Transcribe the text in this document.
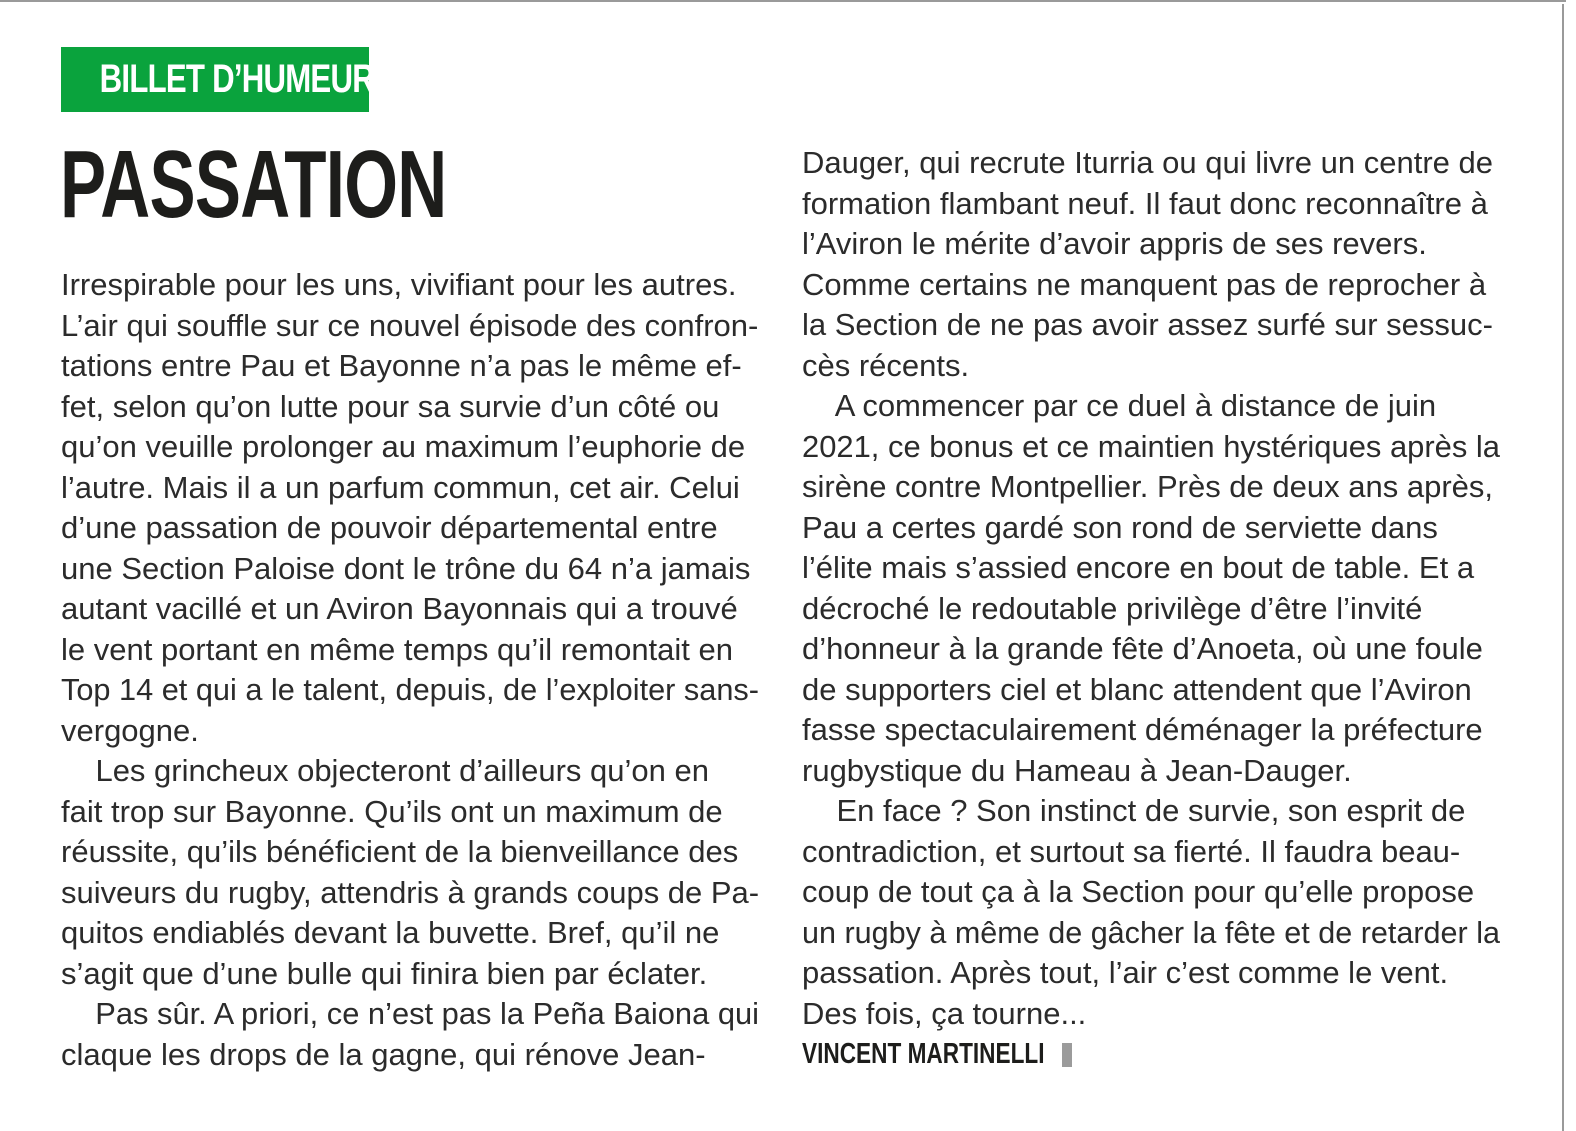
BILLET D’HUMEUR
PASSATION
Irrespirable pour les uns, vivifiant pour les autres.
L’air qui souffle sur ce nouvel épisode des confron-
tations entre Pau et Bayonne n’a pas le même ef-
fet, selon qu’on lutte pour sa survie d’un côté ou
qu’on veuille prolonger au maximum l’euphorie de
l’autre. Mais il a un parfum commun, cet air. Celui
d’une passation de pouvoir départemental entre
une Section Paloise dont le trône du 64 n’a jamais
autant vacillé et un Aviron Bayonnais qui a trouvé
le vent portant en même temps qu’il remontait en
Top 14 et qui a le talent, depuis, de l’exploiter sans-
vergogne.
Les grincheux objecteront d’ailleurs qu’on en
fait trop sur Bayonne. Qu’ils ont un maximum de
réussite, qu’ils bénéficient de la bienveillance des
suiveurs du rugby, attendris à grands coups de Pa-
quitos endiablés devant la buvette. Bref, qu’il ne
s’agit que d’une bulle qui finira bien par éclater.
Pas sûr. A priori, ce n’est pas la Peña Baiona qui
claque les drops de la gagne, qui rénove Jean-
Dauger, qui recrute Iturria ou qui livre un centre de
formation flambant neuf. Il faut donc reconnaître à
l’Aviron le mérite d’avoir appris de ses revers.
Comme certains ne manquent pas de reprocher à
la Section de ne pas avoir assez surfé sur sessuc-
cès récents.
A commencer par ce duel à distance de juin
2021, ce bonus et ce maintien hystériques après la
sirène contre Montpellier. Près de deux ans après,
Pau a certes gardé son rond de serviette dans
l’élite mais s’assied encore en bout de table. Et a
décroché le redoutable privilège d’être l’invité
d’honneur à la grande fête d’Anoeta, où une foule
de supporters ciel et blanc attendent que l’Aviron
fasse spectaculairement déménager la préfecture
rugbystique du Hameau à Jean-Dauger.
En face ? Son instinct de survie, son esprit de
contradiction, et surtout sa fierté. Il faudra beau-
coup de tout ça à la Section pour qu’elle propose
un rugby à même de gâcher la fête et de retarder la
passation. Après tout, l’air c’est comme le vent.
Des fois, ça tourne...
VINCENT MARTINELLI
